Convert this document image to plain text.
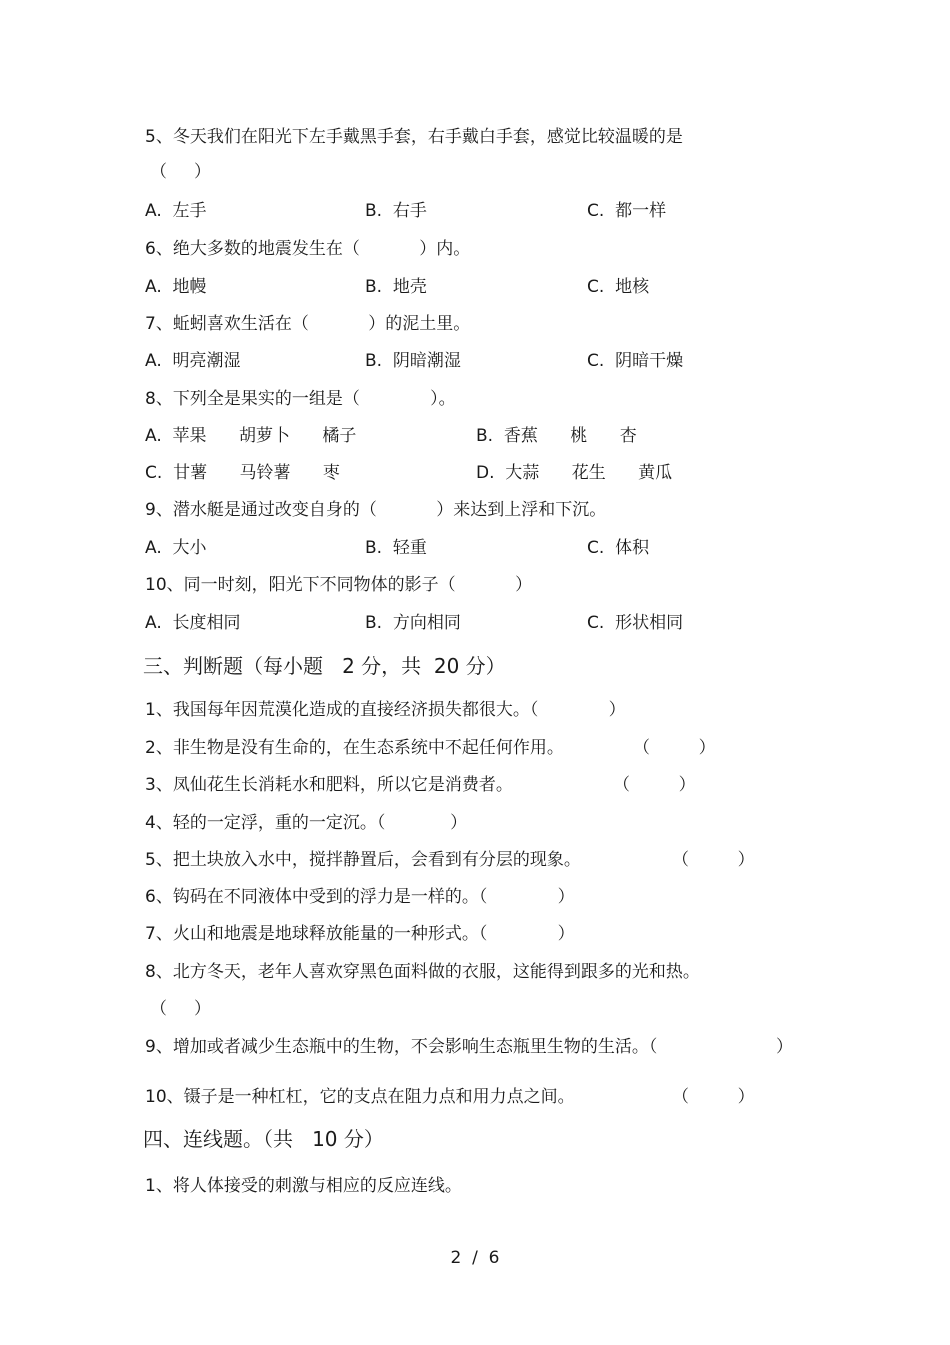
5、冬天我们在阳光下左手戴黑手套，右手戴白手套，感觉比较温暖的是
（     ）
A.  左手	B.  右手	C.  都一样
6、绝大多数的地震发生在（           ）内。
A.  地幔	B.  地壳	C.  地核
7、蚯蚓喜欢生活在（           ）的泥土里。
A.  明亮潮湿	B.  阴暗潮湿	C.  阴暗干燥
8、下列全是果实的一组是（             ）。
A.  苹果      胡萝卜      橘子	B.  香蕉      桃      杏
C.  甘薯      马铃薯      枣	D.  大蒜      花生      黄瓜
9、潜水艇是通过改变自身的（           ）来达到上浮和下沉。
A.  大小	B.  轻重	C.  体积
10、同一时刻，阳光下不同物体的影子（           ）
A.  长度相同	B.  方向相同	C.  形状相同
三、判断题（每小题   2 分，共  20 分）
1、我国每年因荒漠化造成的直接经济损失都很大。（             ）
2、非生物是没有生命的，在生态系统中不起任何作用。	（         ）
3、凤仙花生长消耗水和肥料，所以它是消费者。	（         ）
4、轻的一定浮，重的一定沉。（            ）
5、把土块放入水中，搅拌静置后，会看到有分层的现象。	（         ）
6、钩码在不同液体中受到的浮力是一样的。（             ）
7、火山和地震是地球释放能量的一种形式。（             ）
8、北方冬天，老年人喜欢穿黑色面料做的衣服，这能得到跟多的光和热。
（     ）
9、增加或者减少生态瓶中的生物，不会影响生态瓶里生物的生活。（	）
10、镊子是一种杠杠，它的支点在阻力点和用力点之间。	（         ）
四、连线题。（共   10 分）
1、将人体接受的刺激与相应的反应连线。
2  /  6
